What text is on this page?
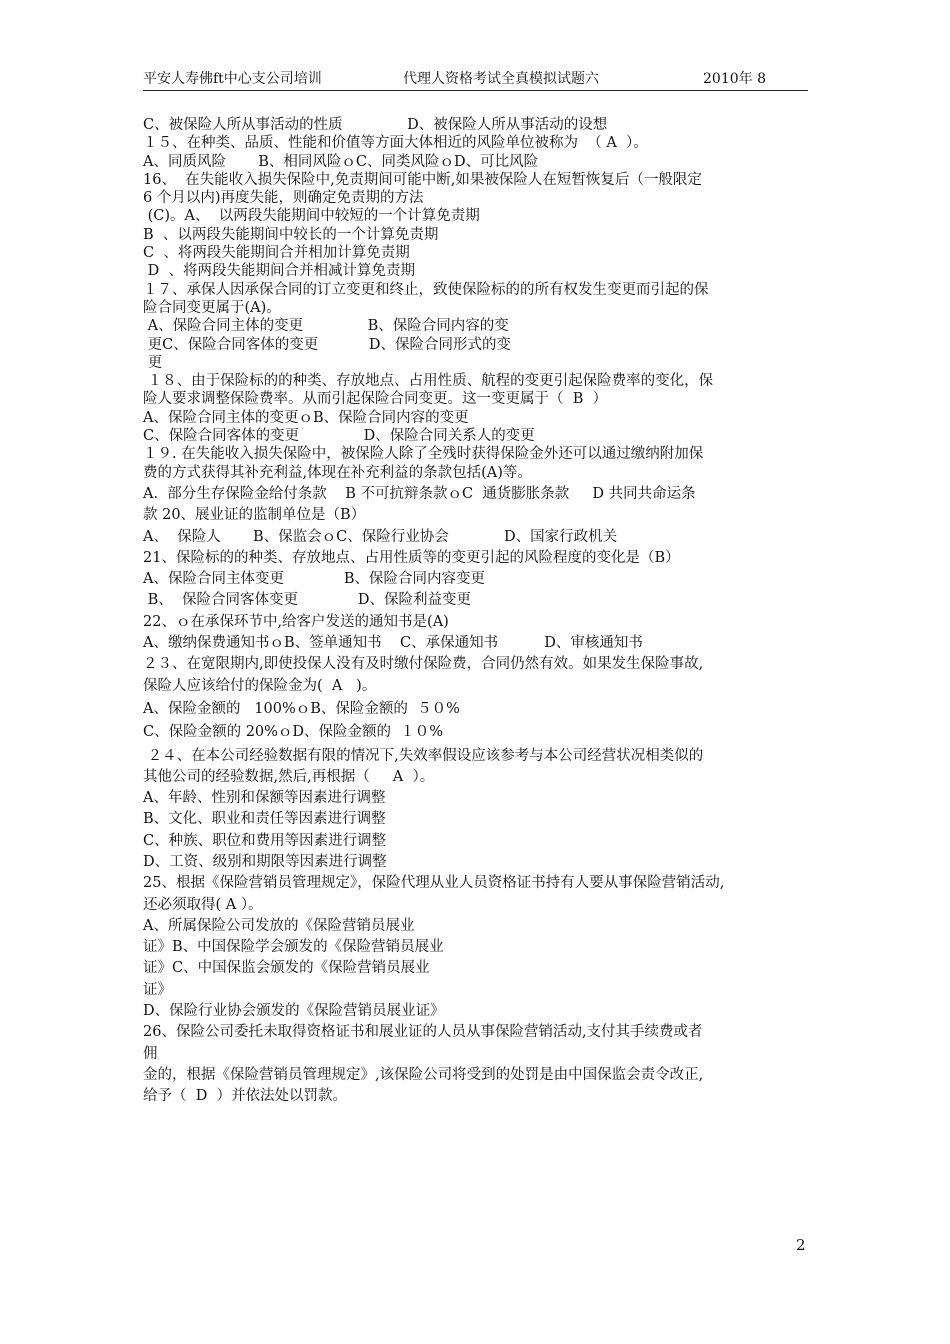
平安人寿佛ft中心支公司培训	代理人资格考试全真模拟试题六	2010年 8

C、被保险人所从事活动的性质              D、被保险人所从事活动的设想

１５、在种类、品质、性能和价值等方面大体相近的风险单位被称为  （ A  ）。

A、同质风险       B、相同风险ｏC、同类风险ｏD、可比风险

16、  在失能收入损失保险中,免责期间可能中断,如果被保险人在短暂恢复后（一般限定

6 个月以内)再度失能，则确定免责期的方法

(C)。A、  以两段失能期间中较短的一个计算免责期

B  、以两段失能期间中较长的一个计算免责期

C  、将两段失能期间合并相加计算免责期

D  、将两段失能期间合并相减计算免责期

１７、承保人因承保合同的订立变更和终止，致使保险标的的所有权发生变更而引起的保

险合同变更属于(A)。

A、保险合同主体的变更              B、保险合同内容的变

更C、保险合同客体的变更           D、保险合同形式的变

更

１８、由于保险标的的种类、存放地点、占用性质、航程的变更引起保险费率的变化，保

险人要求调整保险费率。从而引起保险合同变更。这一变更属于（  B  ）

A、保险合同主体的变更ｏB、保险合同内容的变更

C、保险合同客体的变更              D、保险合同关系人的变更

１９. 在失能收入损失保险中，被保险人除了全残时获得保险金外还可以通过缴纳附加保

费的方式获得其补充利益,体现在补充利益的条款包括(A)等。

A.  部分生存保险金给付条款    B 不可抗辩条款ｏC  通货膨胀条款     D 共同共命运条

款 20、展业证的监制单位是（B）

A、  保险人       B、保监会ｏC、保险行业协会            D、国家行政机关

21、保险标的的种类、存放地点、占用性质等的变更引起的风险程度的变化是（B）

A、保险合同主体变更             B、保险合同内容变更

B、  保险合同客体变更             D、保险利益变更

22、ｏ在承保环节中,给客户发送的通知书是(A)

A、缴纳保费通知书ｏB、签单通知书    C、承保通知书          D、审核通知书

２３、在宽限期内,即使投保人没有及时缴付保险费，合同仍然有效。如果发生保险事故,

保险人应该给付的保险金为(  A   )。

A、保险金额的   100%ｏB、保险金额的  ５０%

C、保险金额的 20%ｏD、保险金额的  １０%

２４、在本公司经验数据有限的情况下,失效率假设应该参考与本公司经营状况相类似的

其他公司的经验数据,然后,再根据（     A  ）。

A、年龄、性别和保额等因素进行调整

B、文化、职业和责任等因素进行调整

C、种族、职位和费用等因素进行调整

D、工资、级别和期限等因素进行调整

25、根据《保险营销员管理规定》，保险代理从业人员资格证书持有人要从事保险营销活动,

还必须取得( A ）。

A、所属保险公司发放的《保险营销员展业

证》B、中国保险学会颁发的《保险营销员展业

证》C、中国保监会颁发的《保险营销员展业

证》

D、保险行业协会颁发的《保险营销员展业证》

26、保险公司委托未取得资格证书和展业证的人员从事保险营销活动,支付其手续费或者

佣

金的，根据《保险营销员管理规定》,该保险公司将受到的处罚是由中国保监会责令改正,

给予（  D  ）并依法处以罚款。

2
